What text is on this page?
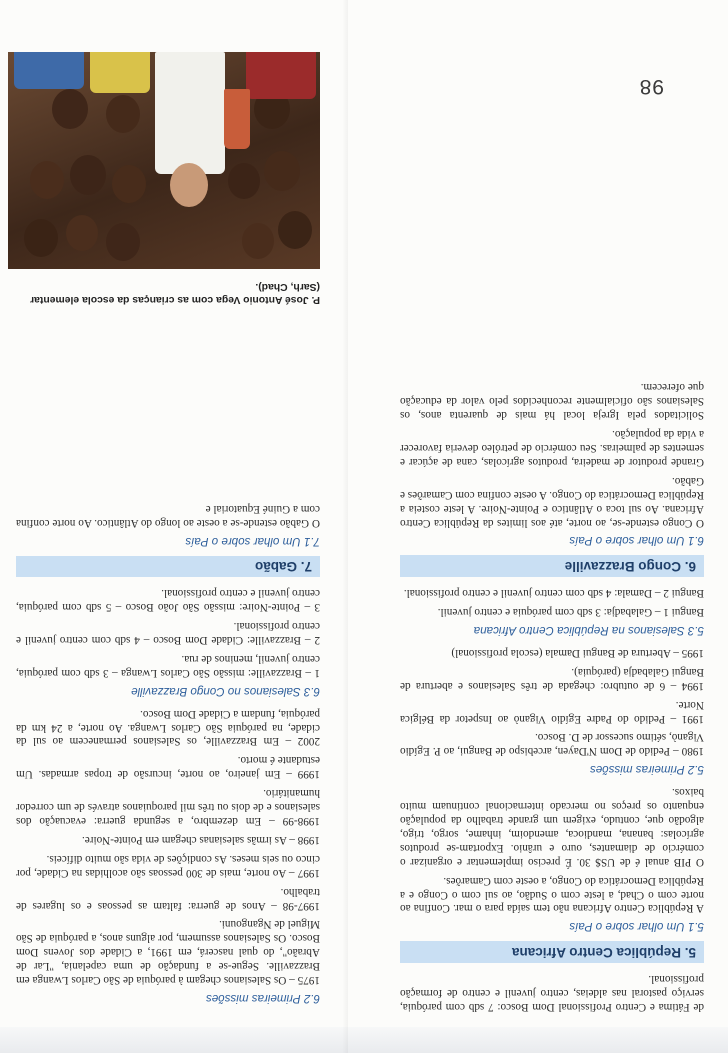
de Fátima e Centro Profissional Dom Bosco: 7 sdb com paróquia, serviço pastoral nas aldeias, centro juvenil e centro de formação profissional.

5. República Centro Africana
5.1 Um olhar sobre o País

A República Centro Africana não tem saída para o mar. Confina ao norte com o Chad, a leste com o Sudão, ao sul com o Congo e a República Democrática do Congo, a oeste com Camarões.

O PIB anual é de US$ 30. É preciso implementar e organizar o comércio de diamantes, ouro e urânio. Exportam-se produtos agrícolas: banana, mandioca, amendoim, inhame, sorgo, trigo, algodão que, contudo, exigem um grande trabalho da população enquanto os preços no mercado internacional continuam muito baixos.

5.2 Primeiras missões

1980 – Pedido de Dom N'Dayen, arcebispo de Bangui, ao P. Egídio Viganò, sétimo sucessor de D. Bosco.

1991 – Pedido do Padre Egídio Viganò ao Inspetor da Bélgica Norte.

1994 – 6 de outubro: chegada de três Salesianos e abertura de Bangui Galabadja (paróquia).

1995 – Abertura de Bangui Damala (escola profissional)

5.3 Salesianos na República Centro Africana

Bangui 1 – Galabadja: 3 sdb com paróquia e centro juvenil.

Bangui 2 – Damala: 4 sdb com centro juvenil e centro profissional.

6. Congo Brazzaville
6.1 Um olhar sobre o País

O Congo estende-se, ao norte, até aos limites da República Centro Africana. Ao sul toca o Atlântico e Pointe-Noire. A leste costeia a República Democrática do Congo. A oeste confina com Camarões e Gabão.

Grande produtor de madeira, produtos agrícolas, cana de açúcar e sementes de palmeiras. Seu comércio de petróleo deveria favorecer a vida da população.

Solicitados pela Igreja local há mais de quarenta anos, os Salesianos são oficialmente reconhecidos pelo valor da educação que oferecem.

6.2 Primeiras missões

1975 – Os Salesianos chegam à paróquia de São Carlos Lwanga em Brazzaville. Segue-se a fundação de uma capelania, "Lar de Abraão", do qual nascerá, em 1991, a Cidade dos Jovens Dom Bosco. Os Salesianos assumem, por alguns anos, a paróquia de São Miguel de Ngangouni.

1997-98 – Anos de guerra: faltam as pessoas e os lugares de trabalho.

1997 – Ao norte, mais de 300 pessoas são acolhidas na Cidade, por cinco ou seis meses. As condições de vida são muito difíceis.

1998 – As irmãs salesianas chegam em Pointe-Noire.

1998-99 – Em dezembro, a segunda guerra: evacuação dos salesianos e de dois ou três mil paroquianos através de um corredor humanitário.

1999 – Em janeiro, ao norte, incursão de tropas armadas. Um estudante é morto.

2002 – Em Brazzaville, os Salesianos permanecem ao sul da cidade, na paróquia São Carlos Lwanga. Ao norte, a 24 km da paróquia, fundam a Cidade Dom Bosco.

6.3 Salesianos no Congo Brazzaville

1 – Brazzaville: missão São Carlos Lwanga – 3 sdb com paróquia, centro juvenil, meninos de rua.

2 – Brazzaville: Cidade Dom Bosco – 4 sdb com centro juvenil e centro profissional.

3 – Pointe-Noire: missão São João Bosco – 5 sdb com paróquia, centro juvenil e centro profissional.

7. Gabão
7.1 Um olhar sobre o País

O Gabão estende-se a oeste ao longo do Atlântico. Ao norte confina com a Guiné Equatorial e

P. José Antonio Vega com as crianças da escola elementar (Sarh, Chad).
98
